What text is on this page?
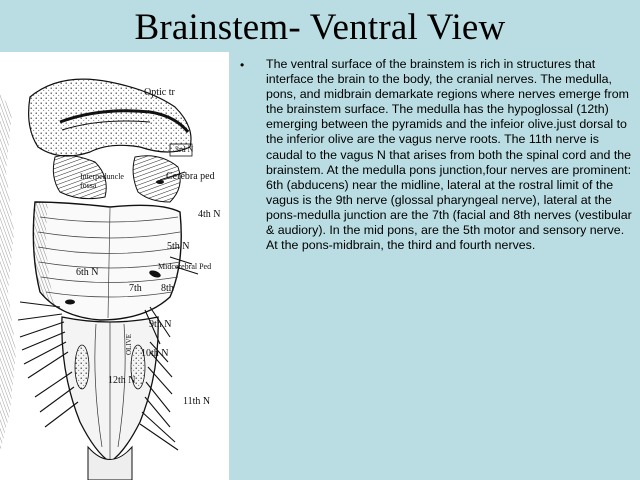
Brainstem- Ventral View
Optic tr
3rd N
Interpeduncle fossa
Cerebra ped
4th N
5th N
6th N
Midcerebral Ped
7th 8th
9th N
OLIVE 10th N
12th N
11th N
• The ventral surface of the brainstem is rich in structures that interface the brain to the body, the cranial nerves. The medulla, pons, and midbrain demarkate regions where nerves emerge from the brainstem surface. The medulla has the hypoglossal (12th) emerging between the pyramids and the infeior olive.just dorsal to the inferior olive are the vagus nerve roots. The 11th nerve is caudal to the vagus N that arises from both the spinal cord and the brainstem. At the medulla pons junction,four nerves are prominent: 6th (abducens) near the midline, lateral at the rostral limit of the vagus is the 9th nerve (glossal pharyngeal nerve), lateral at the pons-medulla junction are the 7th (facial and 8th nerves (vestibular & audiory). In the mid pons, are the 5th motor and sensory nerve. At the pons-midbrain, the third and fourth nerves.
